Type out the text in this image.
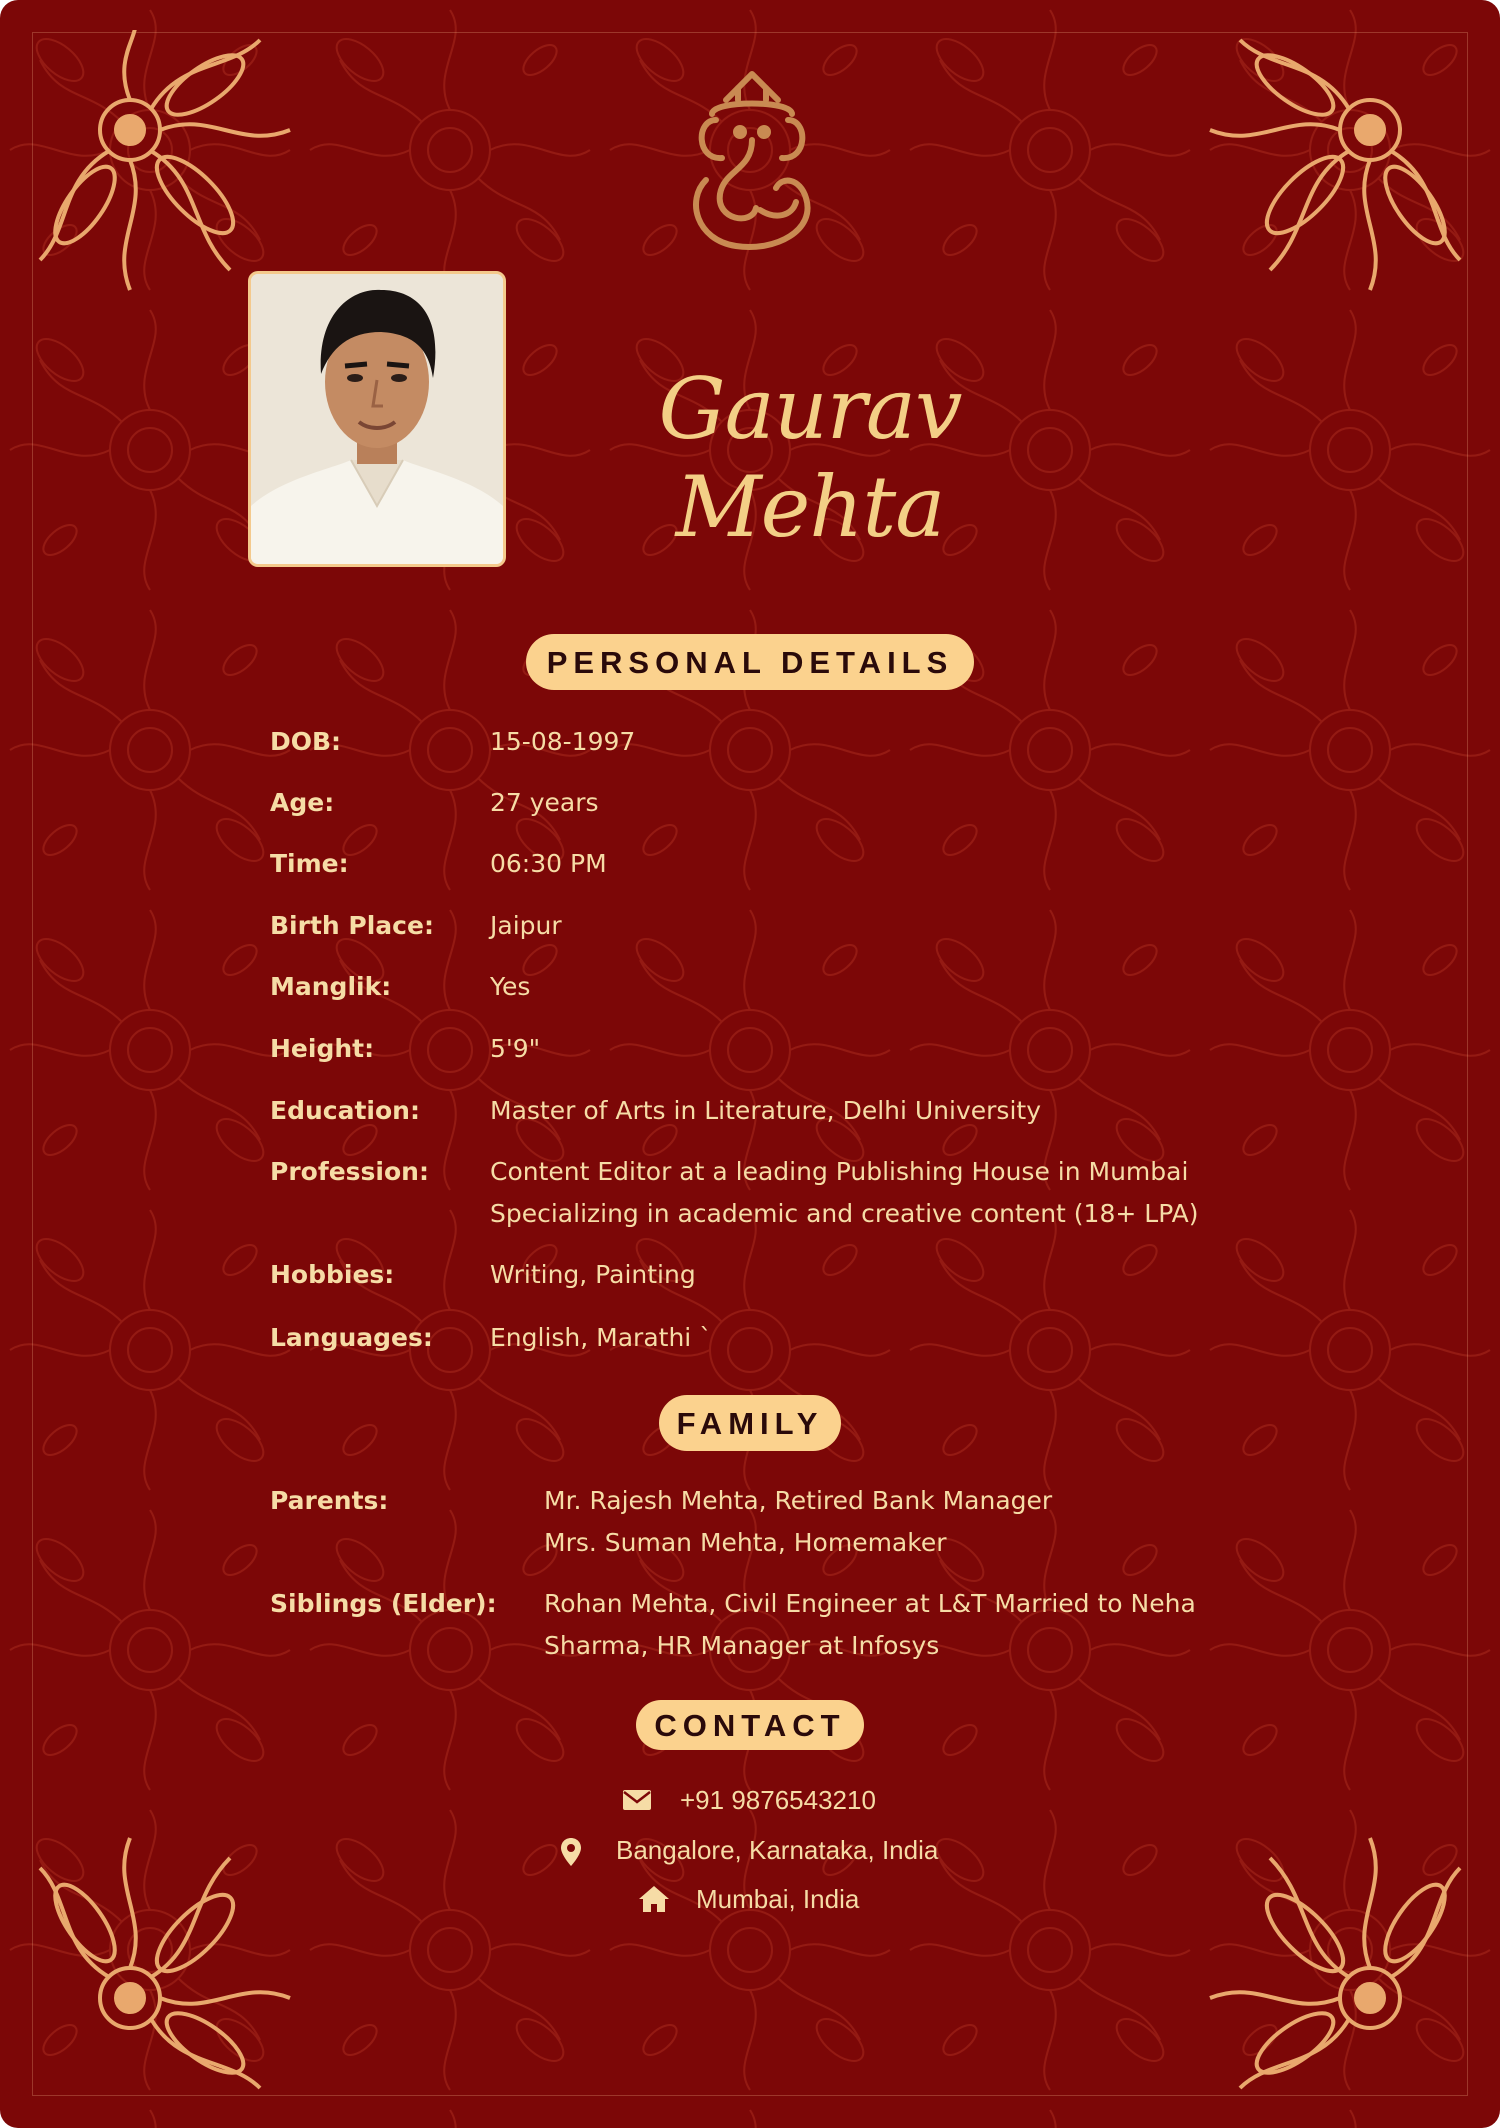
Gaurav Mehta
PERSONAL DETAILS
DOB:	15-08-1997
Age:	27 years
Time:	06:30 PM
Birth Place: Jaipur
Manglik:	Yes
Height:	5'9"
Education:	Master of Arts in Literature, Delhi University
Profession: Content Editor at a leading Publishing House in Mumbai
Specializing in academic and creative content (18+ LPA)
Hobbies:	Writing, Painting
Languages: English, Marathi `
FAMILY
Parents:	Mr. Rajesh Mehta, Retired Bank Manager
Mrs. Suman Mehta, Homemaker
Siblings (Elder): Rohan Mehta, Civil Engineer at L&T Married to Neha
Sharma, HR Manager at Infosys
CONTACT
+91 9876543210
Bangalore, Karnataka, India
Mumbai, India
